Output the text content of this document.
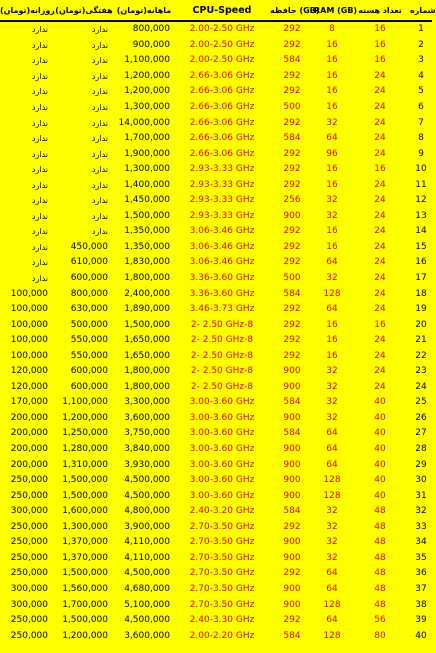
روزانه(تومان)	هفتگی(تومان)	ماهانه(تومان)	CPU-Speed	حافظه (GB)	RAM (GB)	تعداد هسته	شماره
ندارد	ندارد	800,000	2.00-2.50 GHz	292	8	16	1
ندارد	ندارد	900,000	2.00-2.50 GHz	292	16	16	2
ندارد	ندارد	1,100,000	2.00-2.50 GHz	584	16	16	3
ندارد	ندارد	1,200,000	2.66-3.06 GHz	292	16	24	4
ندارد	ندارد	1,200,000	2.66-3.06 GHz	292	16	24	5
ندارد	ندارد	1,300,000	2.66-3.06 GHz	500	16	24	6
ندارد	ندارد	14,000,000	2.66-3.06 GHz	292	32	24	7
ندارد	ندارد	1,700,000	2.66-3.06 GHz	584	64	24	8
ندارد	ندارد	1,900,000	2.66-3.06 GHz	292	96	24	9
ندارد	ندارد	1,300,000	2.93-3.33 GHz	292	16	16	10
ندارد	ندارد	1,400,000	2.93-3.33 GHz	292	16	24	11
ندارد	ندارد	1,450,000	2.93-3.33 GHz	256	32	24	12
ندارد	ندارد	1,500,000	2.93-3.33 GHz	900	32	24	13
ندارد	ندارد	1,350,000	3.06-3.46 GHz	292	16	24	14
ندارد	450,000	1,350,000	3.06-3.46 GHz	292	16	24	15
ندارد	610,000	1,830,000	3.06-3.46 GHz	292	64	24	16
ندارد	600,000	1,800,000	3.36-3.60 GHz	500	32	24	17
100,000	800,000	2,400,000	3.36-3.60 GHz	584	128	24	18
100,000	630,000	1,890,000	3.46-3.73 GHz	292	64	24	19
100,000	500,000	1,500,000	2- 2.50 GHz-8	292	16	16	20
100,000	550,000	1,650,000	2- 2.50 GHz-8	292	16	24	21
100,000	550,000	1,650,000	2- 2.50 GHz-8	292	16	24	22
120,000	600,000	1,800,000	2- 2.50 GHz-8	900	32	24	23
120,000	600,000	1,800,000	2- 2.50 GHz-8	900	32	24	24
170,000	1,100,000	3,300,000	3.00-3.60 GHz	584	32	40	25
200,000	1,200,000	3,600,000	3.00-3.60 GHz	900	32	40	26
200,000	1,250,000	3,750,000	3.00-3.60 GHz	584	64	40	27
200,000	1,280,000	3,840,000	3.00-3.60 GHz	900	64	40	28
200,000	1,310,000	3,930,000	3.00-3.60 GHz	900	64	40	29
250,000	1,500,000	4,500,000	3.00-3.60 GHz	900	128	40	30
250,000	1,500,000	4,500,000	3.00-3.60 GHz	900	128	40	31
300,000	1,600,000	4,800,000	2.40-3.20 GHz	584	32	48	32
250,000	1,300,000	3,900,000	2.70-3.50 GHz	292	32	48	33
250,000	1,370,000	4,110,000	2.70-3.50 GHz	900	32	48	34
250,000	1,370,000	4,110,000	2.70-3.50 GHz	900	32	48	35
250,000	1,500,000	4,500,000	2.70-3.50 GHz	292	64	48	36
300,000	1,560,000	4,680,000	2.70-3.50 GHz	900	64	48	37
300,000	1,700,000	5,100,000	2.70-3.50 GHz	900	128	48	38
250,000	1,500,000	4,500,000	2.40-3.30 GHz	292	64	56	39
250,000	1,200,000	3,600,000	2.00-2.20 GHz	584	128	80	40
